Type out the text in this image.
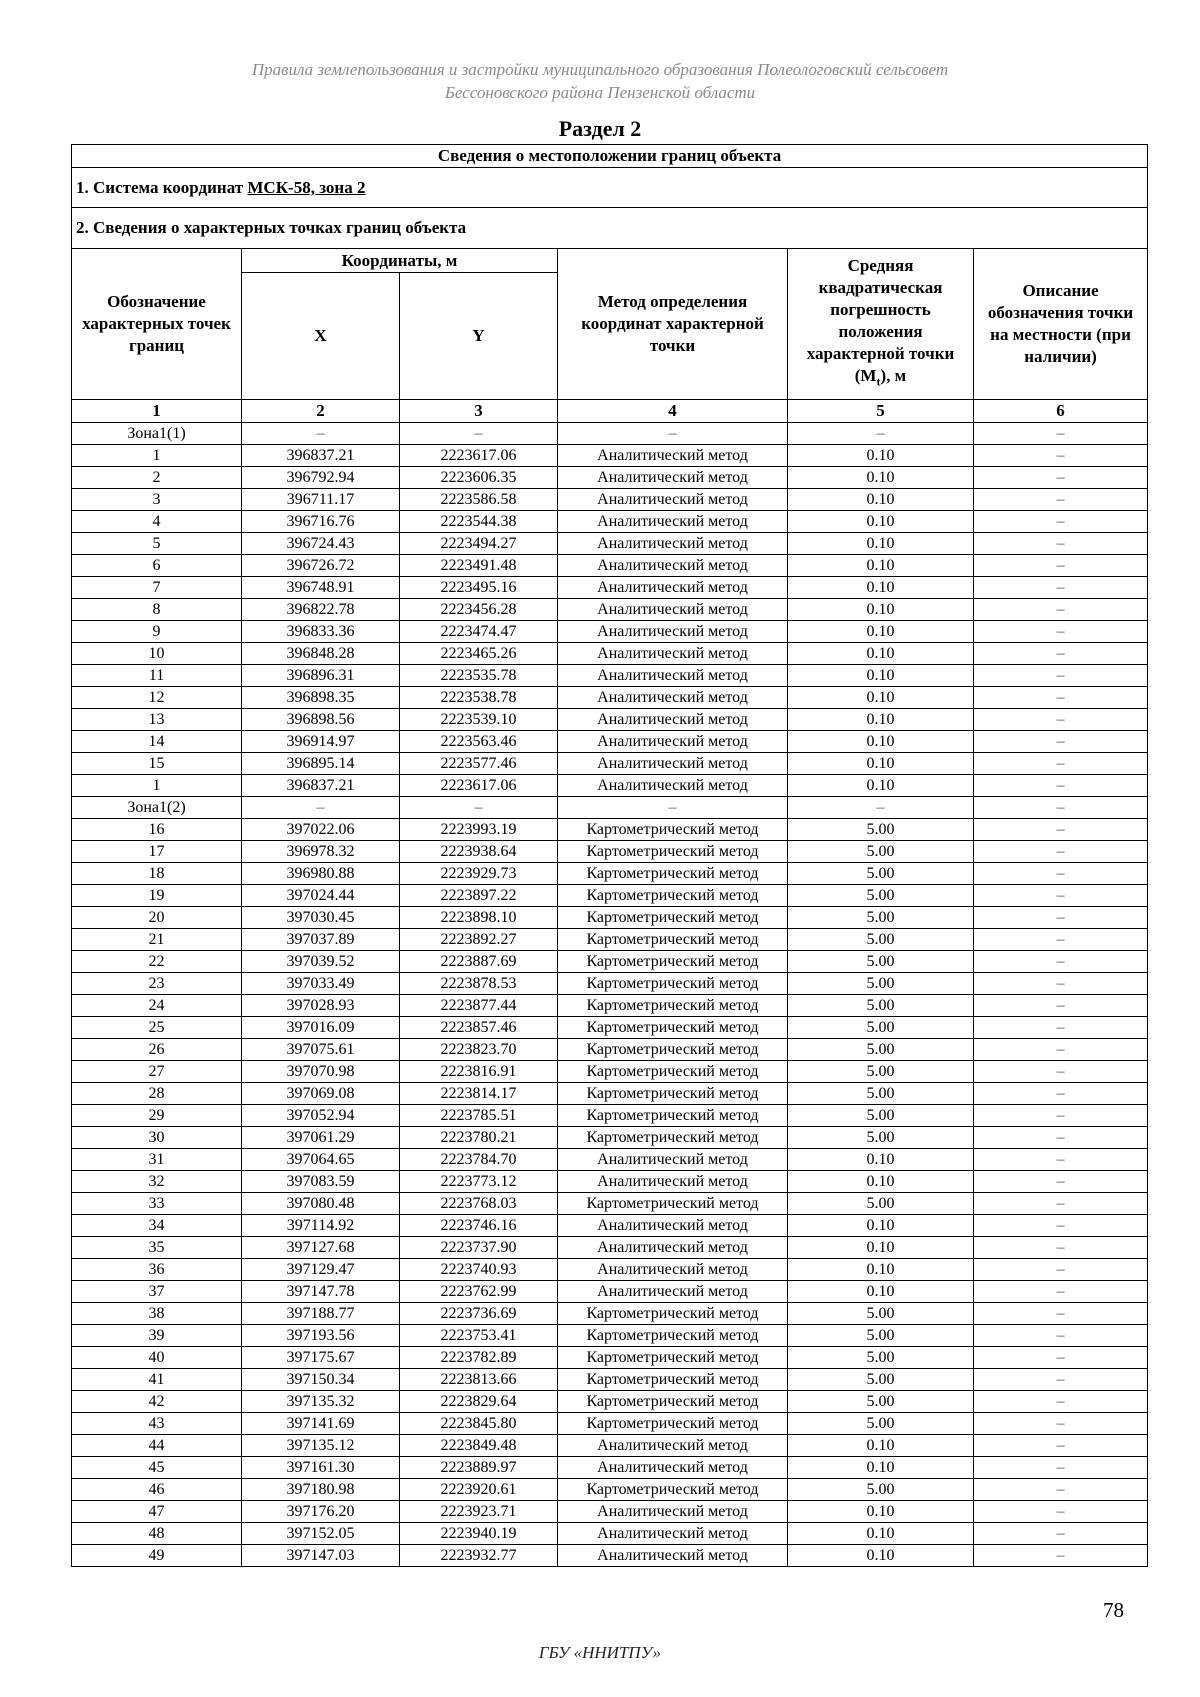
Правила землепользования и застройки муниципального образования Полеологовский сельсовет
Бессоновского района Пензенской области
Раздел 2
Сведения о местоположении границ объекта					
1. Система координат МСК-58, зона 2					
2. Сведения о характерных точках границ объекта					
Обозначение характерных точек границ	Координаты, м		Метод определения координат характерной точки	Средняя квадратическая погрешность положения характерной точки $(M_t)$, м	Описание обозначения точки на местности (при наличии)
	X	Y			
1	2	3	4	5	6
Зона1(1)	–	–	–	–	–
1	396837.21	2223617.06	Аналитический метод	0.10	–
2	396792.94	2223606.35	Аналитический метод	0.10	–
3	396711.17	2223586.58	Аналитический метод	0.10	–
4	396716.76	2223544.38	Аналитический метод	0.10	–
5	396724.43	2223494.27	Аналитический метод	0.10	–
6	396726.72	2223491.48	Аналитический метод	0.10	–
7	396748.91	2223495.16	Аналитический метод	0.10	–
8	396822.78	2223456.28	Аналитический метод	0.10	–
9	396833.36	2223474.47	Аналитический метод	0.10	–
10	396848.28	2223465.26	Аналитический метод	0.10	–
11	396896.31	2223535.78	Аналитический метод	0.10	–
12	396898.35	2223538.78	Аналитический метод	0.10	–
13	396898.56	2223539.10	Аналитический метод	0.10	–
14	396914.97	2223563.46	Аналитический метод	0.10	–
15	396895.14	2223577.46	Аналитический метод	0.10	–
1	396837.21	2223617.06	Аналитический метод	0.10	–
Зона1(2)	–	–	–	–	–
16	397022.06	2223993.19	Картометрический метод	5.00	–
17	396978.32	2223938.64	Картометрический метод	5.00	–
18	396980.88	2223929.73	Картометрический метод	5.00	–
19	397024.44	2223897.22	Картометрический метод	5.00	–
20	397030.45	2223898.10	Картометрический метод	5.00	–
21	397037.89	2223892.27	Картометрический метод	5.00	–
22	397039.52	2223887.69	Картометрический метод	5.00	–
23	397033.49	2223878.53	Картометрический метод	5.00	–
24	397028.93	2223877.44	Картометрический метод	5.00	–
25	397016.09	2223857.46	Картометрический метод	5.00	–
26	397075.61	2223823.70	Картометрический метод	5.00	–
27	397070.98	2223816.91	Картометрический метод	5.00	–
28	397069.08	2223814.17	Картометрический метод	5.00	–
29	397052.94	2223785.51	Картометрический метод	5.00	–
30	397061.29	2223780.21	Картометрический метод	5.00	–
31	397064.65	2223784.70	Аналитический метод	0.10	–
32	397083.59	2223773.12	Аналитический метод	0.10	–
33	397080.48	2223768.03	Картометрический метод	5.00	–
34	397114.92	2223746.16	Аналитический метод	0.10	–
35	397127.68	2223737.90	Аналитический метод	0.10	–
36	397129.47	2223740.93	Аналитический метод	0.10	–
37	397147.78	2223762.99	Аналитический метод	0.10	–
38	397188.77	2223736.69	Картометрический метод	5.00	–
39	397193.56	2223753.41	Картометрический метод	5.00	–
40	397175.67	2223782.89	Картометрический метод	5.00	–
41	397150.34	2223813.66	Картометрический метод	5.00	–
42	397135.32	2223829.64	Картометрический метод	5.00	–
43	397141.69	2223845.80	Картометрический метод	5.00	–
44	397135.12	2223849.48	Аналитический метод	0.10	–
45	397161.30	2223889.97	Аналитический метод	0.10	–
46	397180.98	2223920.61	Картометрический метод	5.00	–
47	397176.20	2223923.71	Аналитический метод	0.10	–
48	397152.05	2223940.19	Аналитический метод	0.10	–
49	397147.03	2223932.77	Аналитический метод	0.10	–
78
ГБУ «ННИТПУ»
